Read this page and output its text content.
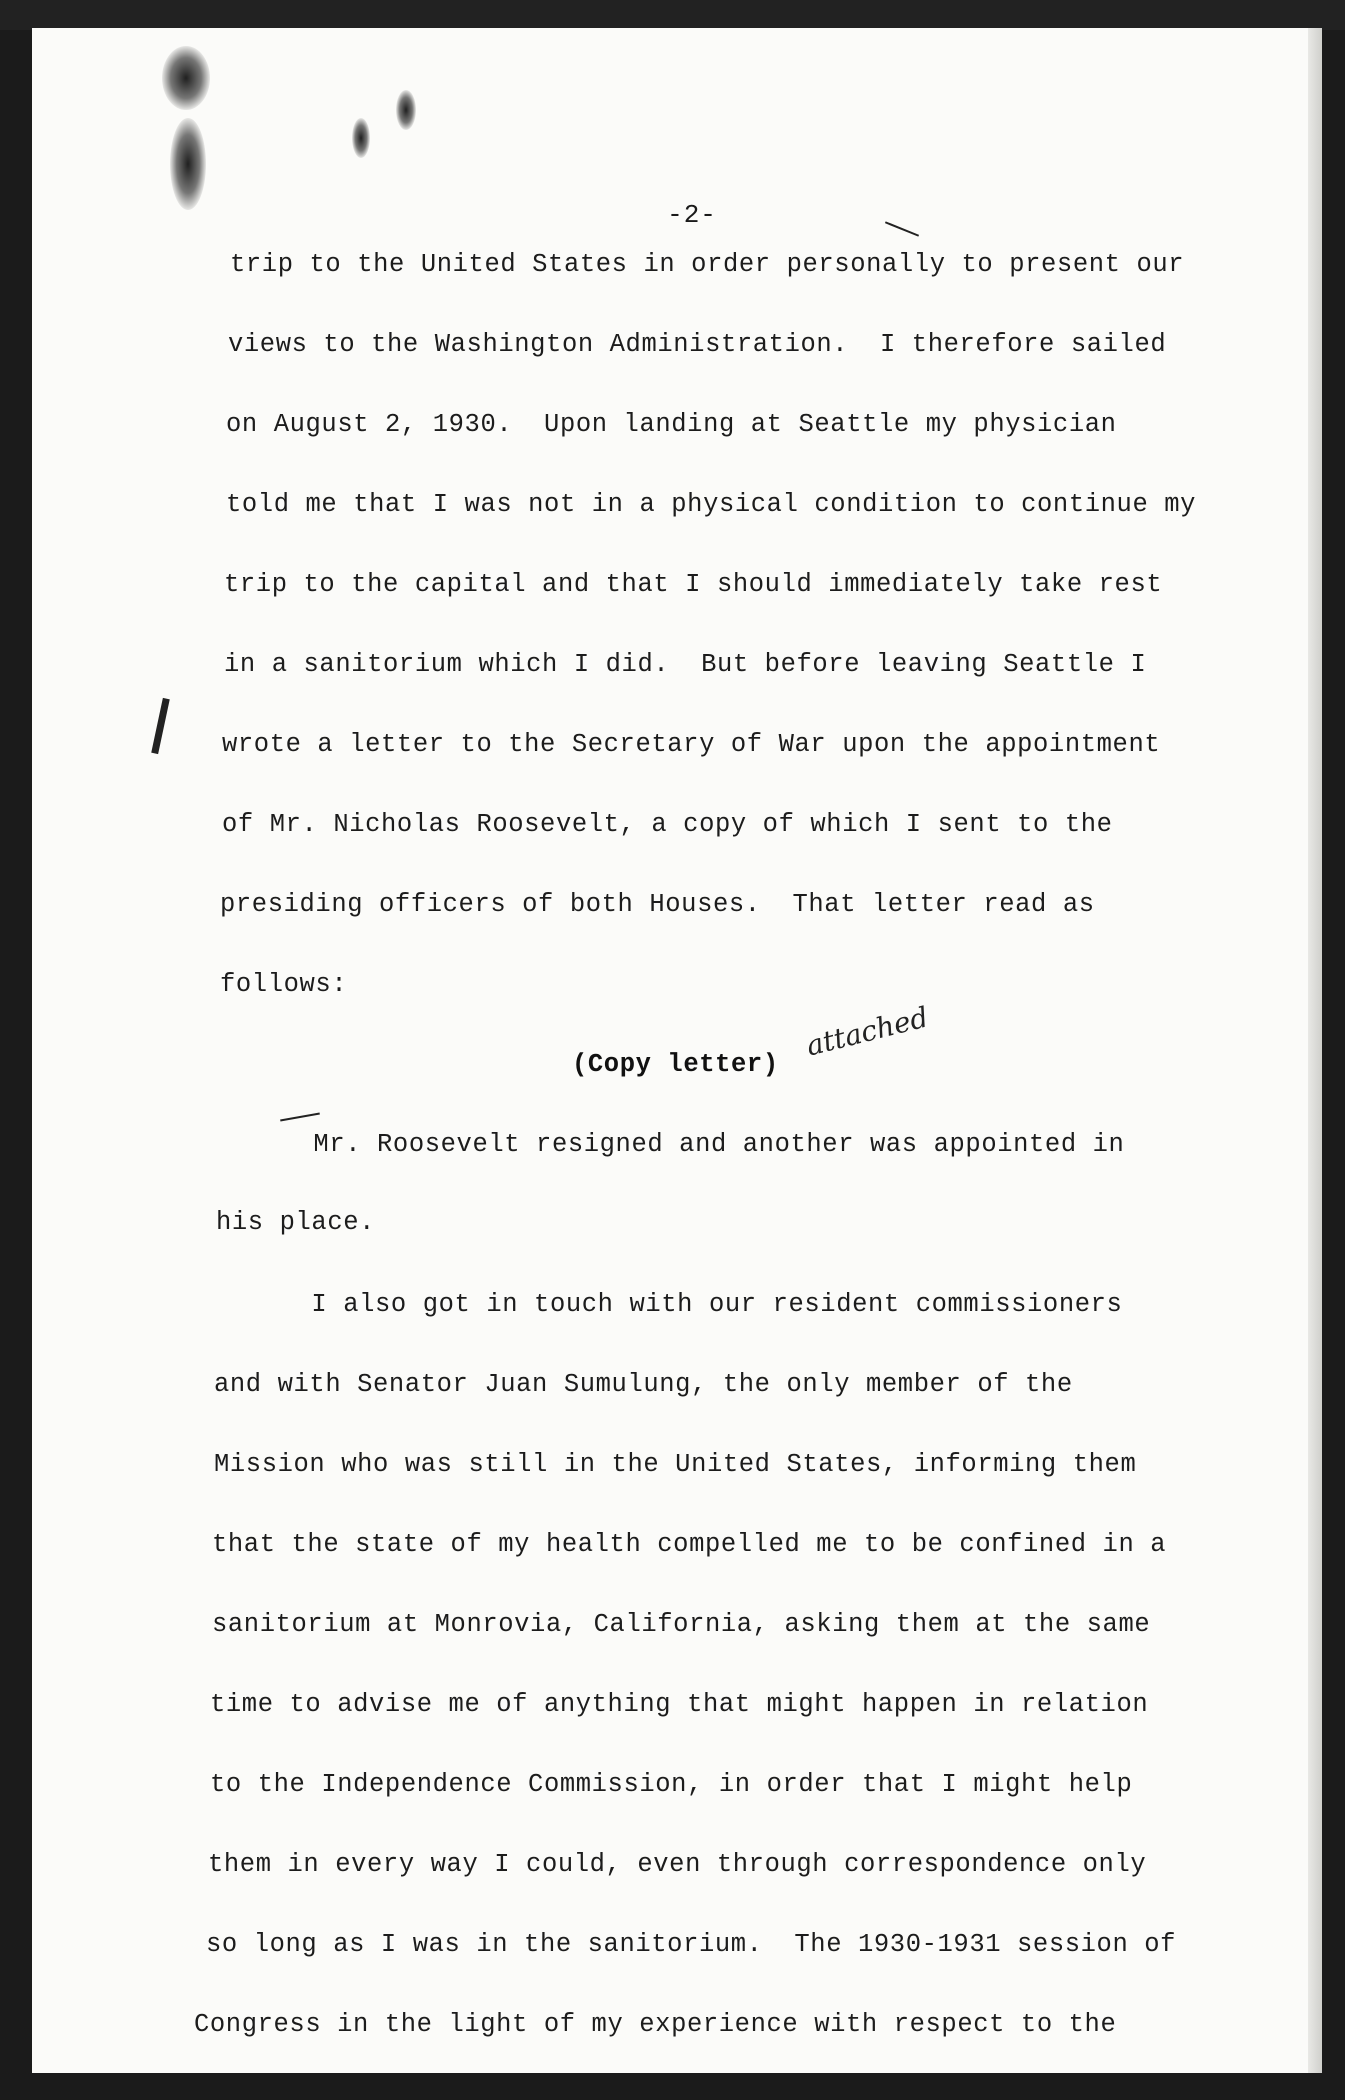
-2-
trip to the United States in order personally to present our
views to the Washington Administration.  I therefore sailed
on August 2, 1930.  Upon landing at Seattle my physician
told me that I was not in a physical condition to continue my
trip to the capital and that I should immediately take rest
in a sanitorium which I did.  But before leaving Seattle I
wrote a letter to the Secretary of War upon the appointment
of Mr. Nicholas Roosevelt, a copy of which I sent to the
presiding officers of both Houses.  That letter read as
follows:
(Copy letter)
attached
Mr. Roosevelt resigned and another was appointed in
his place.
I also got in touch with our resident commissioners
and with Senator Juan Sumulung, the only member of the
Mission who was still in the United States, informing them
that the state of my health compelled me to be confined in a
sanitorium at Monrovia, California, asking them at the same
time to advise me of anything that might happen in relation
to the Independence Commission, in order that I might help
them in every way I could, even through correspondence only
so long as I was in the sanitorium.  The 1930-1931 session of
Congress in the light of my experience with respect to the
